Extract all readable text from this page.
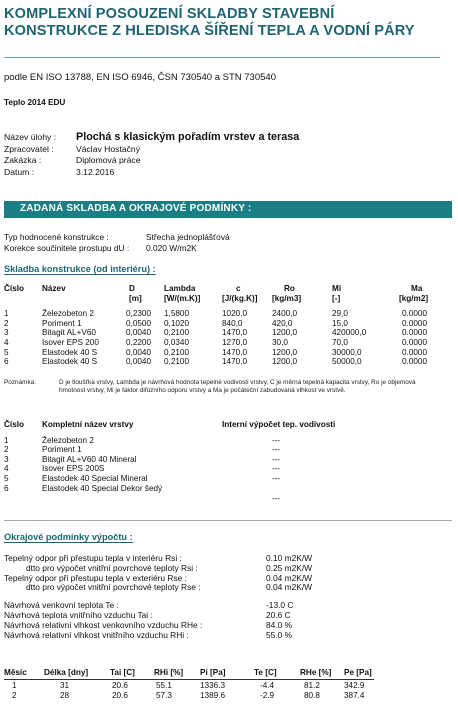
KOMPLEXNÍ POSOUZENÍ SKLADBY STAVEBNÍ
KONSTRUKCE Z HLEDISKA ŠÍŘENÍ TEPLA A VODNÍ PÁRY
podle EN ISO 13788, EN ISO 6946, ČSN 730540 a STN 730540
Teplo 2014 EDU
Název úlohy :	Plochá s klasickým pořadím vrstev a terasa
Zpracovatel :	Václav Hostačný
Zakázka :	Diplomová práce
Datum :	3.12.2016
ZADANÁ SKLADBA A OKRAJOVÉ PODMÍNKY :
Typ hodnocené konstrukce :	Střecha jednoplášťová
Korekce součinitele prostupu dU :	0.020 W/m2K
Skladba konstrukce (od interiéru) :
Číslo Název	D	Lambda	c	Ro	Mi	Ma
[m]	[W/(m.K)]	[J/(kg.K)] [kg/m3]	[-]	[kg/m2]
1	Železobeton 2	0,2300 1,5800	1020,0	2400,0	29,0	0.0000
2	Poriment 1	0,0500 0,1020	840,0	420,0	15,0	0.0000
3	Bitagit AL+V60	0,0040 0,2100	1470,0	1200,0	420000,0	0.0000
4	Isover EPS 200	0,2200 0,0340	1270,0	30,0	70,0	0.0000
5	Elastodek 40 S	0,0040 0,2100	1470,0	1200,0	30000,0	0.0000
6	Elastodek 40 S	0,0040 0,2100	1470,0	1200,0	50000,0	0.0000
Poznámka:	D je tloušťka vrstvy, Lambda je návrhová hodnota tepelné vodivosti vrstvy, C je měrná tepelná kapacita vrstvy, Ro je objemová hmotnost vrstvy, Mi je faktor difúzního odporu vrstvy a Ma je počáteční zabudovaná vlhkost ve vrstvě.
Číslo Kompletní název vrstvy	Interní výpočet tep. vodivosti
1	Železobeton 2	---
2	Poriment 1	---
3	Bitagit AL+V60 40 Mineral	---
4	Isover EPS 200S	---
5	Elastodek 40 Special Mineral	---
6	Elastodek 40 Special Dekor šedý
---
Okrajové podmínky výpočtu :
Tepelný odpor při přestupu tepla v interiéru Rsi :	0.10 m2K/W
dtto pro výpočet vnitřní povrchové teploty Rsi :	0.25 m2K/W
Tepelný odpor při přestupu tepla v exteriéru Rse :	0.04 m2K/W
dtto pro výpočet vnitřní povrchové teploty Rse :	0.04 m2K/W
Návrhová venkovní teplota Te :	-13.0 C
Návrhová teplota vnitřního vzduchu Tai :	20.6 C
Návrhová relativní vlhkost venkovního vzduchu RHe :	84.0 %
Návrhová relativní vlhkost vnitřního vzduchu RHi :	55.0 %
Měsíc Délka [dny]	Tai [C] RHi [%] Pi [Pa]	Te [C]	RHe [%] Pe [Pa]
1	31	20.6	55.1	1336.3	-4.4	81.2	342.9
2	28	20.6	57.3	1389.6	-2.9	80.8	387.4
